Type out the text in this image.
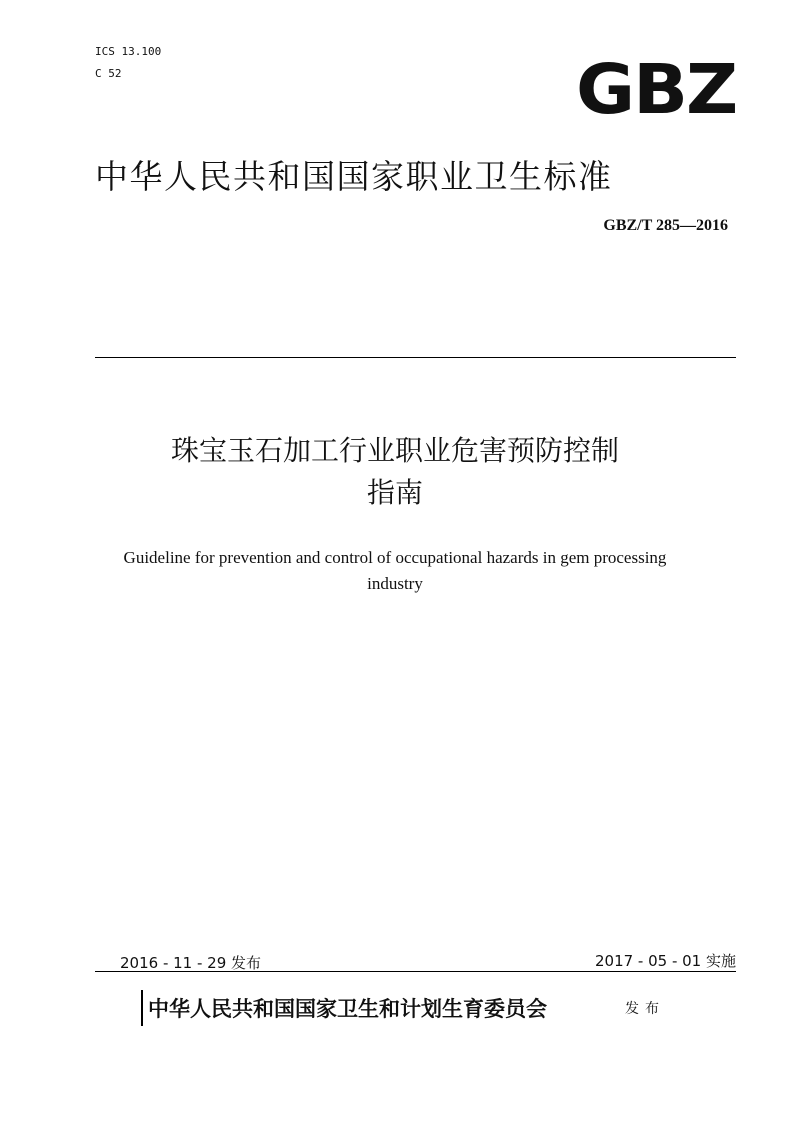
ICS 13.100
C 52	GBZ
中华人民共和国国家职业卫生标准
GBZ/T 285—2016
珠宝玉石加工行业职业危害预防控制
指南
Guideline for prevention and control of occupational hazards in gem processing
industry
2016 - 11 - 29 发布	2017 - 05 - 01 实施
中华人民共和国国家卫生和计划生育委员会	发布
